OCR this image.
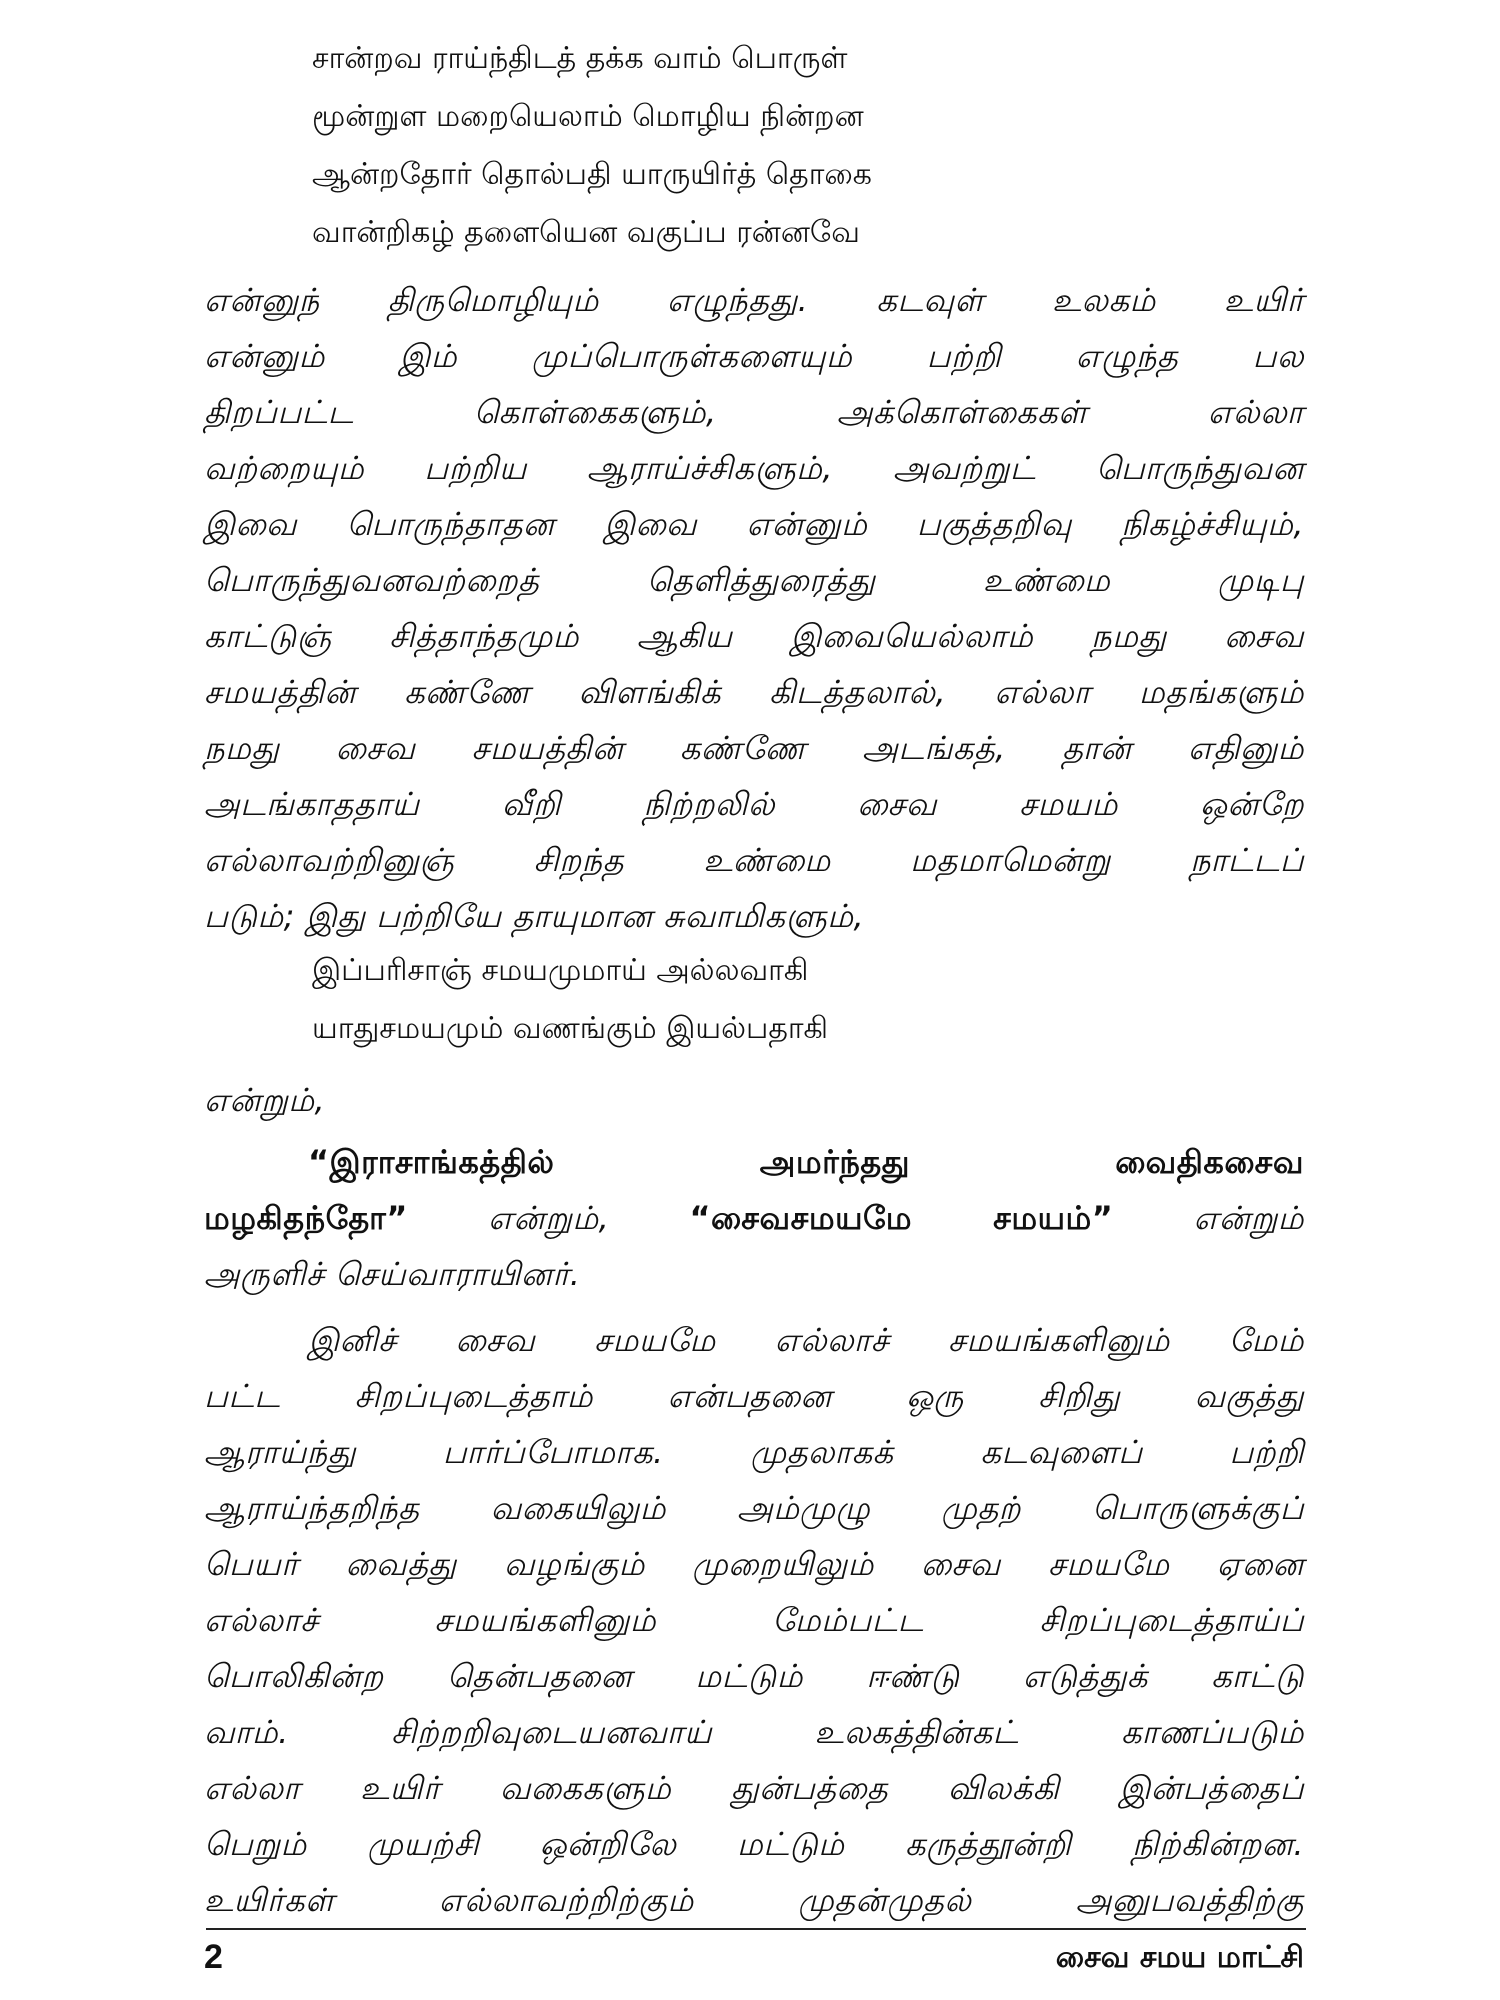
சான்றவ ராய்ந்திடத் தக்க வாம் பொருள்
மூன்றுள மறையெலாம் மொழிய நின்றன
ஆன்றதோர் தொல்பதி யாருயிர்த் தொகை
வான்றிகழ் தளையென வகுப்ப ரன்னவே
என்னுந் திருமொழியும் எழுந்தது. கடவுள் உலகம் உயிர்
என்னும் இம் முப்பொருள்களையும் பற்றி எழுந்த பல
திறப்பட்ட கொள்கைகளும், அக்கொள்கைகள் எல்லா
வற்றையும் பற்றிய ஆராய்ச்சிகளும், அவற்றுட் பொருந்துவன
இவை பொருந்தாதன இவை என்னும் பகுத்தறிவு நிகழ்ச்சியும்,
பொருந்துவனவற்றைத் தெளித்துரைத்து உண்மை முடிபு
காட்டுஞ் சித்தாந்தமும் ஆகிய இவையெல்லாம் நமது சைவ
சமயத்தின் கண்ணே விளங்கிக் கிடத்தலால், எல்லா மதங்களும்
நமது சைவ சமயத்தின் கண்ணே அடங்கத், தான் எதினும்
அடங்காததாய் வீறி நிற்றலில் சைவ சமயம் ஒன்றே
எல்லாவற்றினுஞ் சிறந்த உண்மை மதமாமென்று நாட்டப்
படும்; இது பற்றியே தாயுமான சுவாமிகளும்,
இப்பரிசாஞ் சமயமுமாய் அல்லவாகி
யாதுசமயமும் வணங்கும் இயல்பதாகி
என்றும்,
“இராசாங்கத்தில் அமர்ந்தது வைதிகசைவ
மழகிதந்தோ” என்றும், “சைவசமயமே சமயம்” என்றும்
அருளிச் செய்வாராயினர்.
இனிச் சைவ சமயமே எல்லாச் சமயங்களினும் மேம்
பட்ட சிறப்புடைத்தாம் என்பதனை ஒரு சிறிது வகுத்து
ஆராய்ந்து பார்ப்போமாக. முதலாகக் கடவுளைப் பற்றி
ஆராய்ந்தறிந்த வகையிலும் அம்முழு முதற் பொருளுக்குப்
பெயர் வைத்து வழங்கும் முறையிலும் சைவ சமயமே ஏனை
எல்லாச் சமயங்களினும் மேம்பட்ட சிறப்புடைத்தாய்ப்
பொலிகின்ற தென்பதனை மட்டும் ஈண்டு எடுத்துக் காட்டு
வாம். சிற்றறிவுடையனவாய் உலகத்தின்கட் காணப்படும்
எல்லா உயிர் வகைகளும் துன்பத்தை விலக்கி இன்பத்தைப்
பெறும் முயற்சி ஒன்றிலே மட்டும் கருத்தூன்றி நிற்கின்றன.
உயிர்கள் எல்லாவற்றிற்கும் முதன்முதல் அனுபவத்திற்கு
2	சைவ சமய மாட்சி
